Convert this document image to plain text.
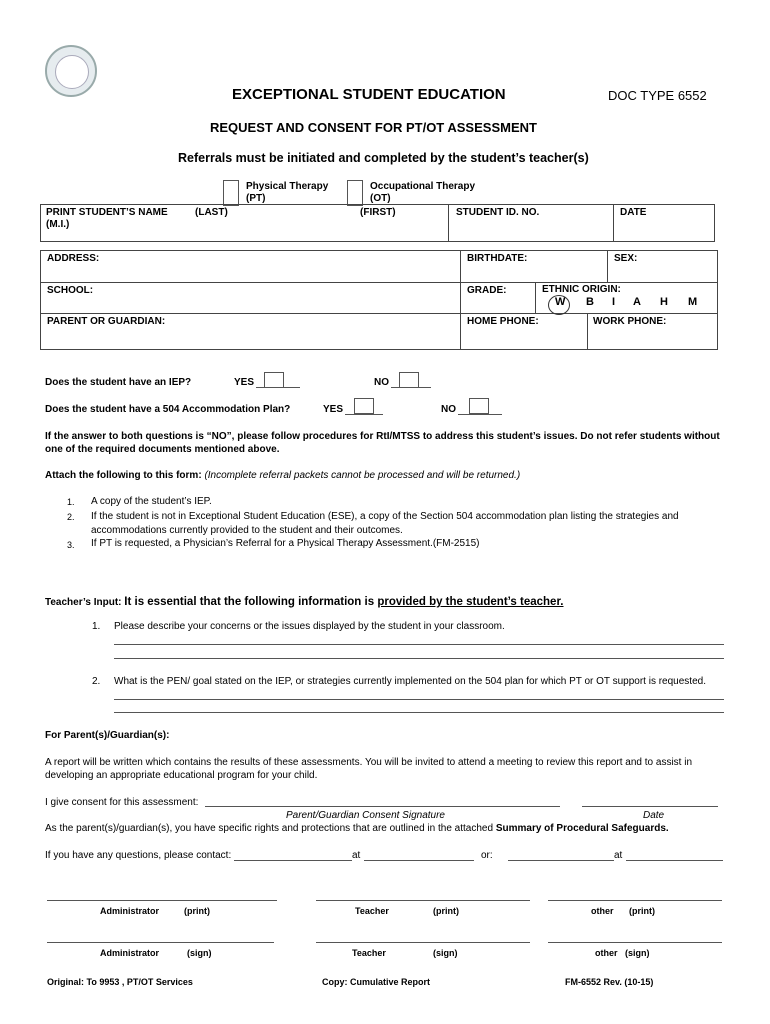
EXCEPTIONAL STUDENT EDUCATION	DOC TYPE 6552
REQUEST AND CONSENT FOR PT/OT ASSESSMENT
Referrals must be initiated and completed by the student’s teacher(s)
Physical Therapy
(PT)
Occupational Therapy
(OT)
PRINT STUDENT’S NAME
(M.I.)
(LAST)	(FIRST)	STUDENT ID. NO.	DATE
ADDRESS:	BIRTHDATE:	SEX:
SCHOOL:	GRADE:	ETHNIC ORIGIN:
W B I A H M
PARENT OR GUARDIAN:	HOME PHONE:	WORK PHONE:
Does the student have an IEP?	YES	NO
Does the student have a 504 Accommodation Plan?	YES	NO
If the answer to both questions is “NO”, please follow procedures for RtI/MTSS to address this student’s issues. Do not refer students without one of the required documents mentioned above.
Attach the following to this form: (Incomplete referral packets cannot be processed and will be returned.)
1. A copy of the student’s IEP.
2. If the student is not in Exceptional Student Education (ESE), a copy of the Section 504 accommodation plan listing the strategies and accommodations currently provided to the student and their outcomes.
3. If PT is requested, a Physician’s Referral for a Physical Therapy Assessment.(FM-2515)
Teacher’s Input: It is essential that the following information is provided by the student’s teacher.
1. Please describe your concerns or the issues displayed by the student in your classroom.
2. What is the PEN/ goal stated on the IEP, or strategies currently implemented on the 504 plan for which PT or OT support is requested.
For Parent(s)/Guardian(s):
A report will be written which contains the results of these assessments. You will be invited to attend a meeting to review this report and to assist in developing an appropriate educational program for your child.
I give consent for this assessment:
Parent/Guardian Consent Signature	Date
As the parent(s)/guardian(s), you have specific rights and protections that are outlined in the attached Summary of Procedural Safeguards.
If you have any questions, please contact:	at	or:	at
Administrator	(print)	Teacher	(print)	other (print)
Administrator	(sign)	Teacher	(sign)	other (sign)
Original: To 9953 , PT/OT Services	Copy: Cumulative Report	FM-6552 Rev. (10-15)
